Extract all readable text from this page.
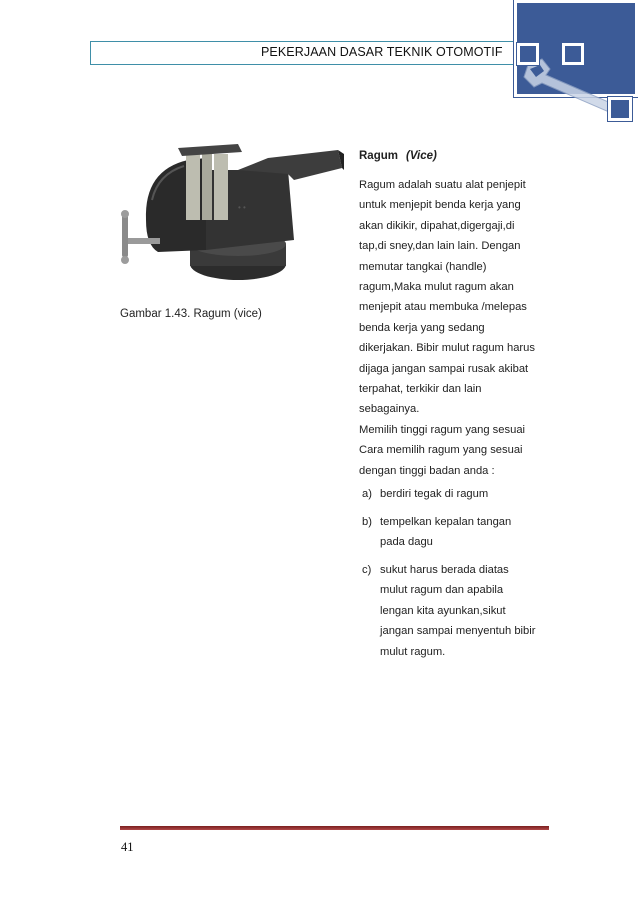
PEKERJAAN DASAR TEKNIK OTOMOTIF
• •
Gambar 1.43. Ragum (vice)
Ragum (Vice)
Ragum adalah suatu alat penjepit
untuk menjepit benda kerja yang
akan dikikir, dipahat,digergaji,di
tap,di sney,dan lain lain. Dengan
memutar tangkai (handle)
ragum,Maka mulut ragum akan
menjepit atau membuka /melepas
benda kerja yang sedang
dikerjakan. Bibir mulut ragum harus
dijaga jangan sampai rusak akibat
terpahat, terkikir dan lain
sebagainya.
Memilih tinggi ragum yang sesuai
Cara memilih ragum yang sesuai
dengan tinggi badan anda :
a) berdiri tegak di ragum
b) tempelkan kepalan tangan
pada dagu
c) sukut harus berada diatas
mulut ragum dan apabila
lengan kita ayunkan,sikut
jangan sampai menyentuh bibir
mulut ragum.
41
